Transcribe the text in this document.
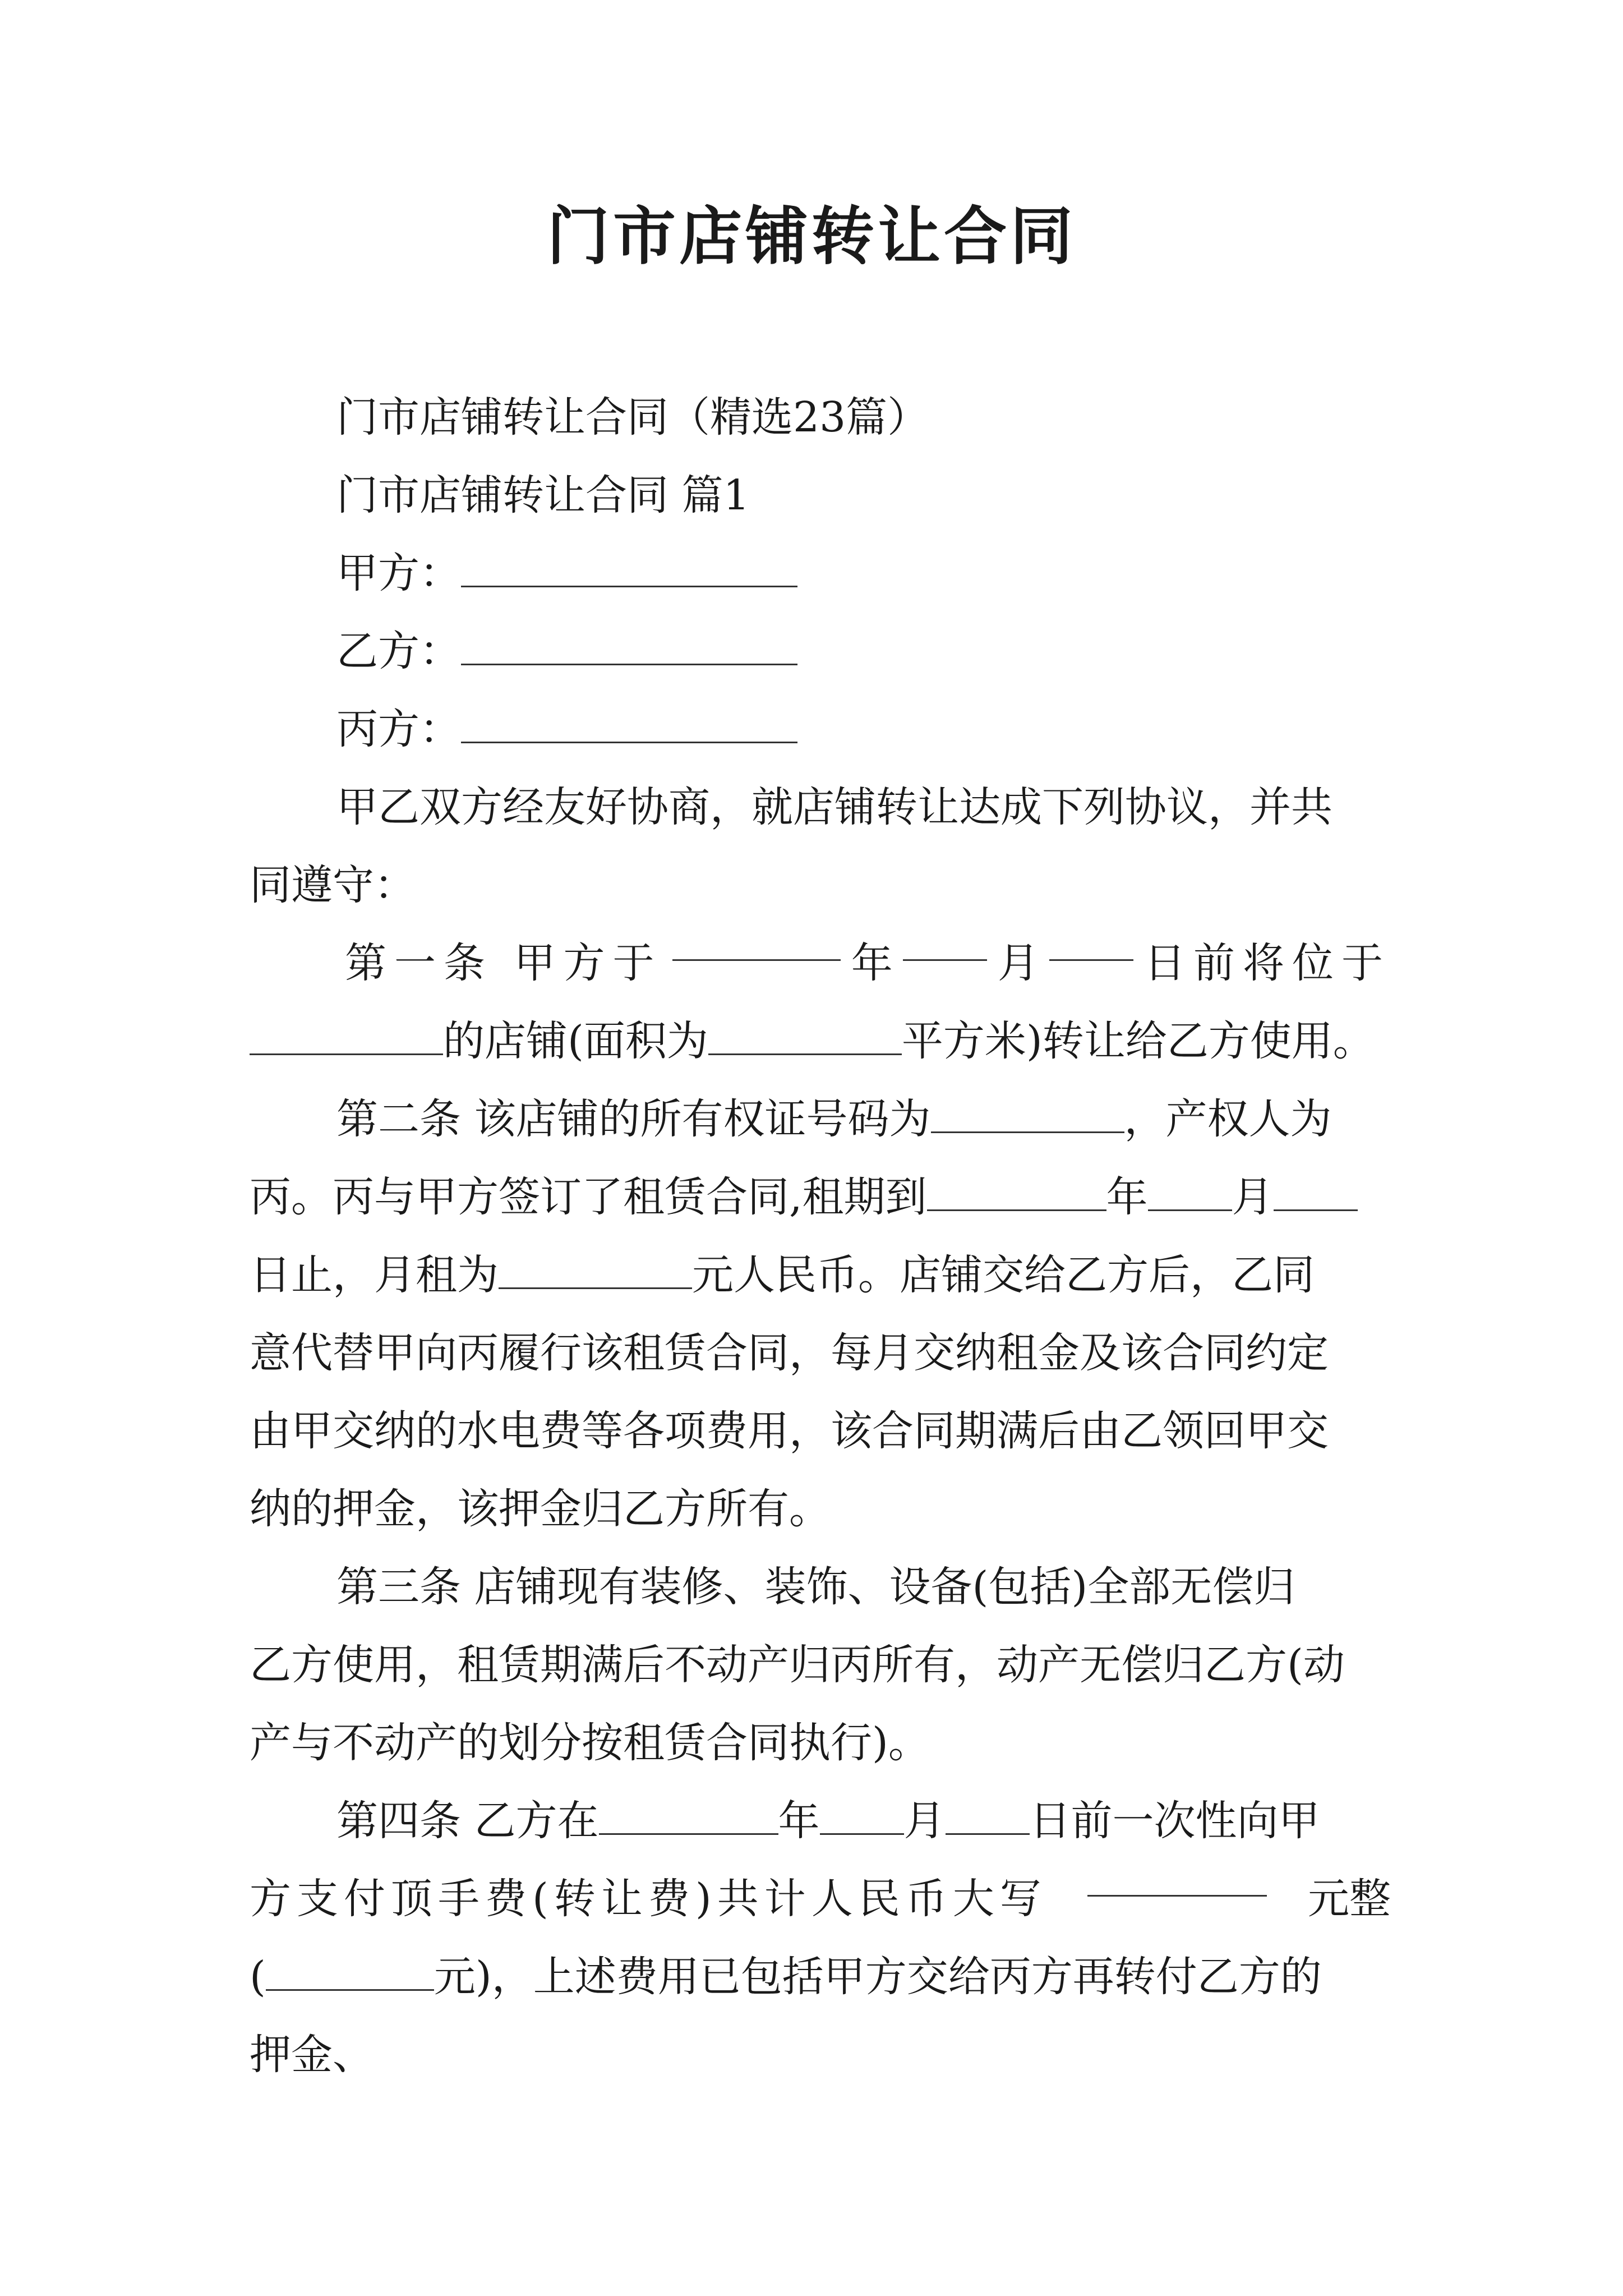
门市店铺转让合同
门市店铺转让合同（精选23篇）
门市店铺转让合同 篇1
甲方：
乙方：
丙方：
甲乙双方经友好协商，就店铺转让达成下列协议，并共
同遵守：
第一条 甲方于	年	月	日前将位于
的店铺(面积为	平方米)转让给乙方使用。
第二条 该店铺的所有权证号码为	，产权人为
丙。丙与甲方签订了租赁合同,租期到	年 月
日止，月租为	元人民币。店铺交给乙方后，乙同
意代替甲向丙履行该租赁合同，每月交纳租金及该合同约定
由甲交纳的水电费等各项费用，该合同期满后由乙领回甲交
纳的押金，该押金归乙方所有。
第三条 店铺现有装修、装饰、设备(包括)全部无偿归
乙方使用，租赁期满后不动产归丙所有，动产无偿归乙方(动
产与不动产的划分按租赁合同执行)。
第四条 乙方在	年 月 日前一次性向甲
方支付顶手费(转让费)共计人民币大写	元整
(	元)，上述费用已包括甲方交给丙方再转付乙方的
押金、
